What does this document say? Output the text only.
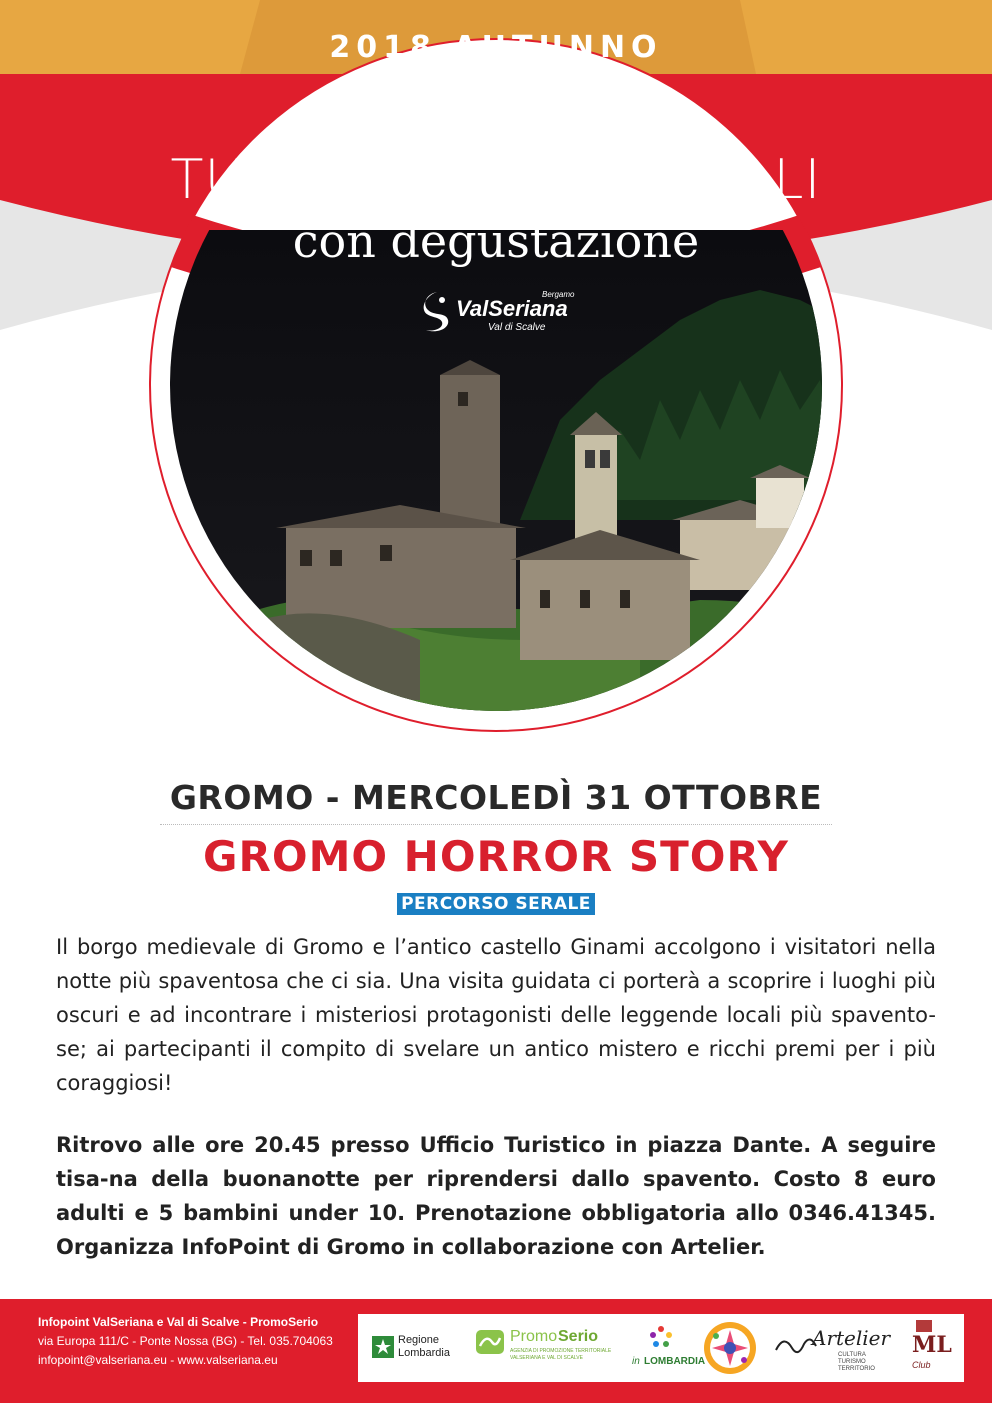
2018 AUTUNNO
PERCORSI
TURISTICI & CULTURALI
con degustazione
ValSeriana
Val di Scalve
Bergamo
GROMO - MERCOLEDÌ 31 OTTOBRE
GROMO HORROR STORY
PERCORSO SERALE

Il borgo medievale di Gromo e l’antico castello Ginami accolgono i visitatori nella notte più spaventosa che ci sia. Una visita guidata ci porterà a scoprire i luoghi più oscuri e ad incontrare i misteriosi protagonisti delle leggende locali più spavento-se; ai partecipanti il compito di svelare un antico mistero e ricchi premi per i più coraggiosi!

Ritrovo alle ore 20.45 presso Ufficio Turistico in piazza Dante. A seguire tisa-na della buonanotte per riprendersi dallo spavento. Costo 8 euro adulti e 5 bambini under 10. Prenotazione obbligatoria allo 0346.41345. Organizza InfoPoint di Gromo in collaborazione con Artelier.

Infopoint ValSeriana e Val di Scalve - PromoSerio
via Europa 111/C - Ponte Nossa (BG) - Tel. 035.704063
infopoint@valseriana.eu - www.valseriana.eu
Regione
Lombardia
Promo Serio
AGENZIA DI PROMOZIONE TERRITORIALE
VALSERIANA E VAL DI SCALVE	in LOMBARDIA
Artelier
CULTURA
TURISMO
TERRITORIO
ML
Club
